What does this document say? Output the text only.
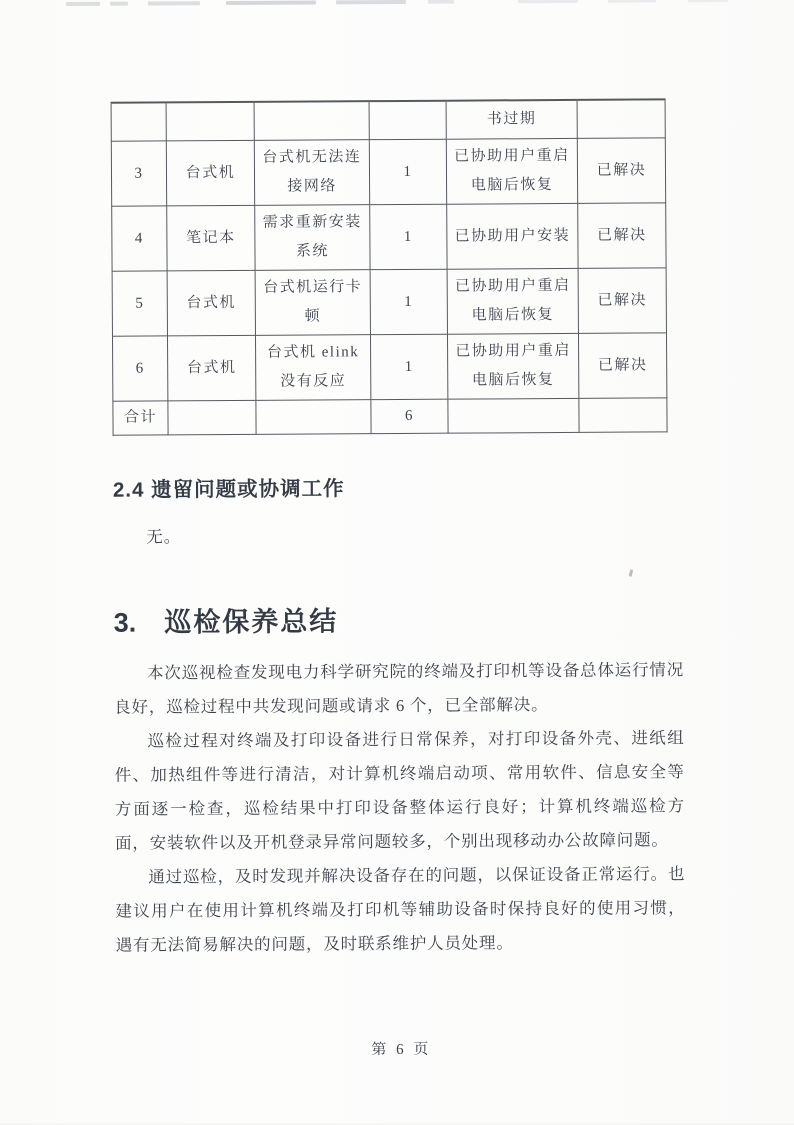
				书过期	
3	台式机	台式机无法连接网络	1	已协助用户重启电脑后恢复	已解决
4	笔记本	需求重新安装系统	1	已协助用户安装	已解决
5	台式机	台式机运行卡顿	1	已协助用户重启电脑后恢复	已解决
6	台式机	台式机 elink 没有反应	1	已协助用户重启电脑后恢复	已解决
合计			6		
2.4 遗留问题或协调工作

无。

3. 巡检保养总结

本次巡视检查发现电力科学研究院的终端及打印机等设备总体运行情况良好，巡检过程中共发现问题或请求 6 个，已全部解决。

巡检过程对终端及打印设备进行日常保养，对打印设备外壳、进纸组件、加热组件等进行清洁，对计算机终端启动项、常用软件、信息安全等方面逐一检查，巡检结果中打印设备整体运行良好；计算机终端巡检方面，安装软件以及开机登录异常问题较多，个别出现移动办公故障问题。

通过巡检，及时发现并解决设备存在的问题，以保证设备正常运行。也建议用户在使用计算机终端及打印机等辅助设备时保持良好的使用习惯，遇有无法简易解决的问题，及时联系维护人员处理。

第 6 页
